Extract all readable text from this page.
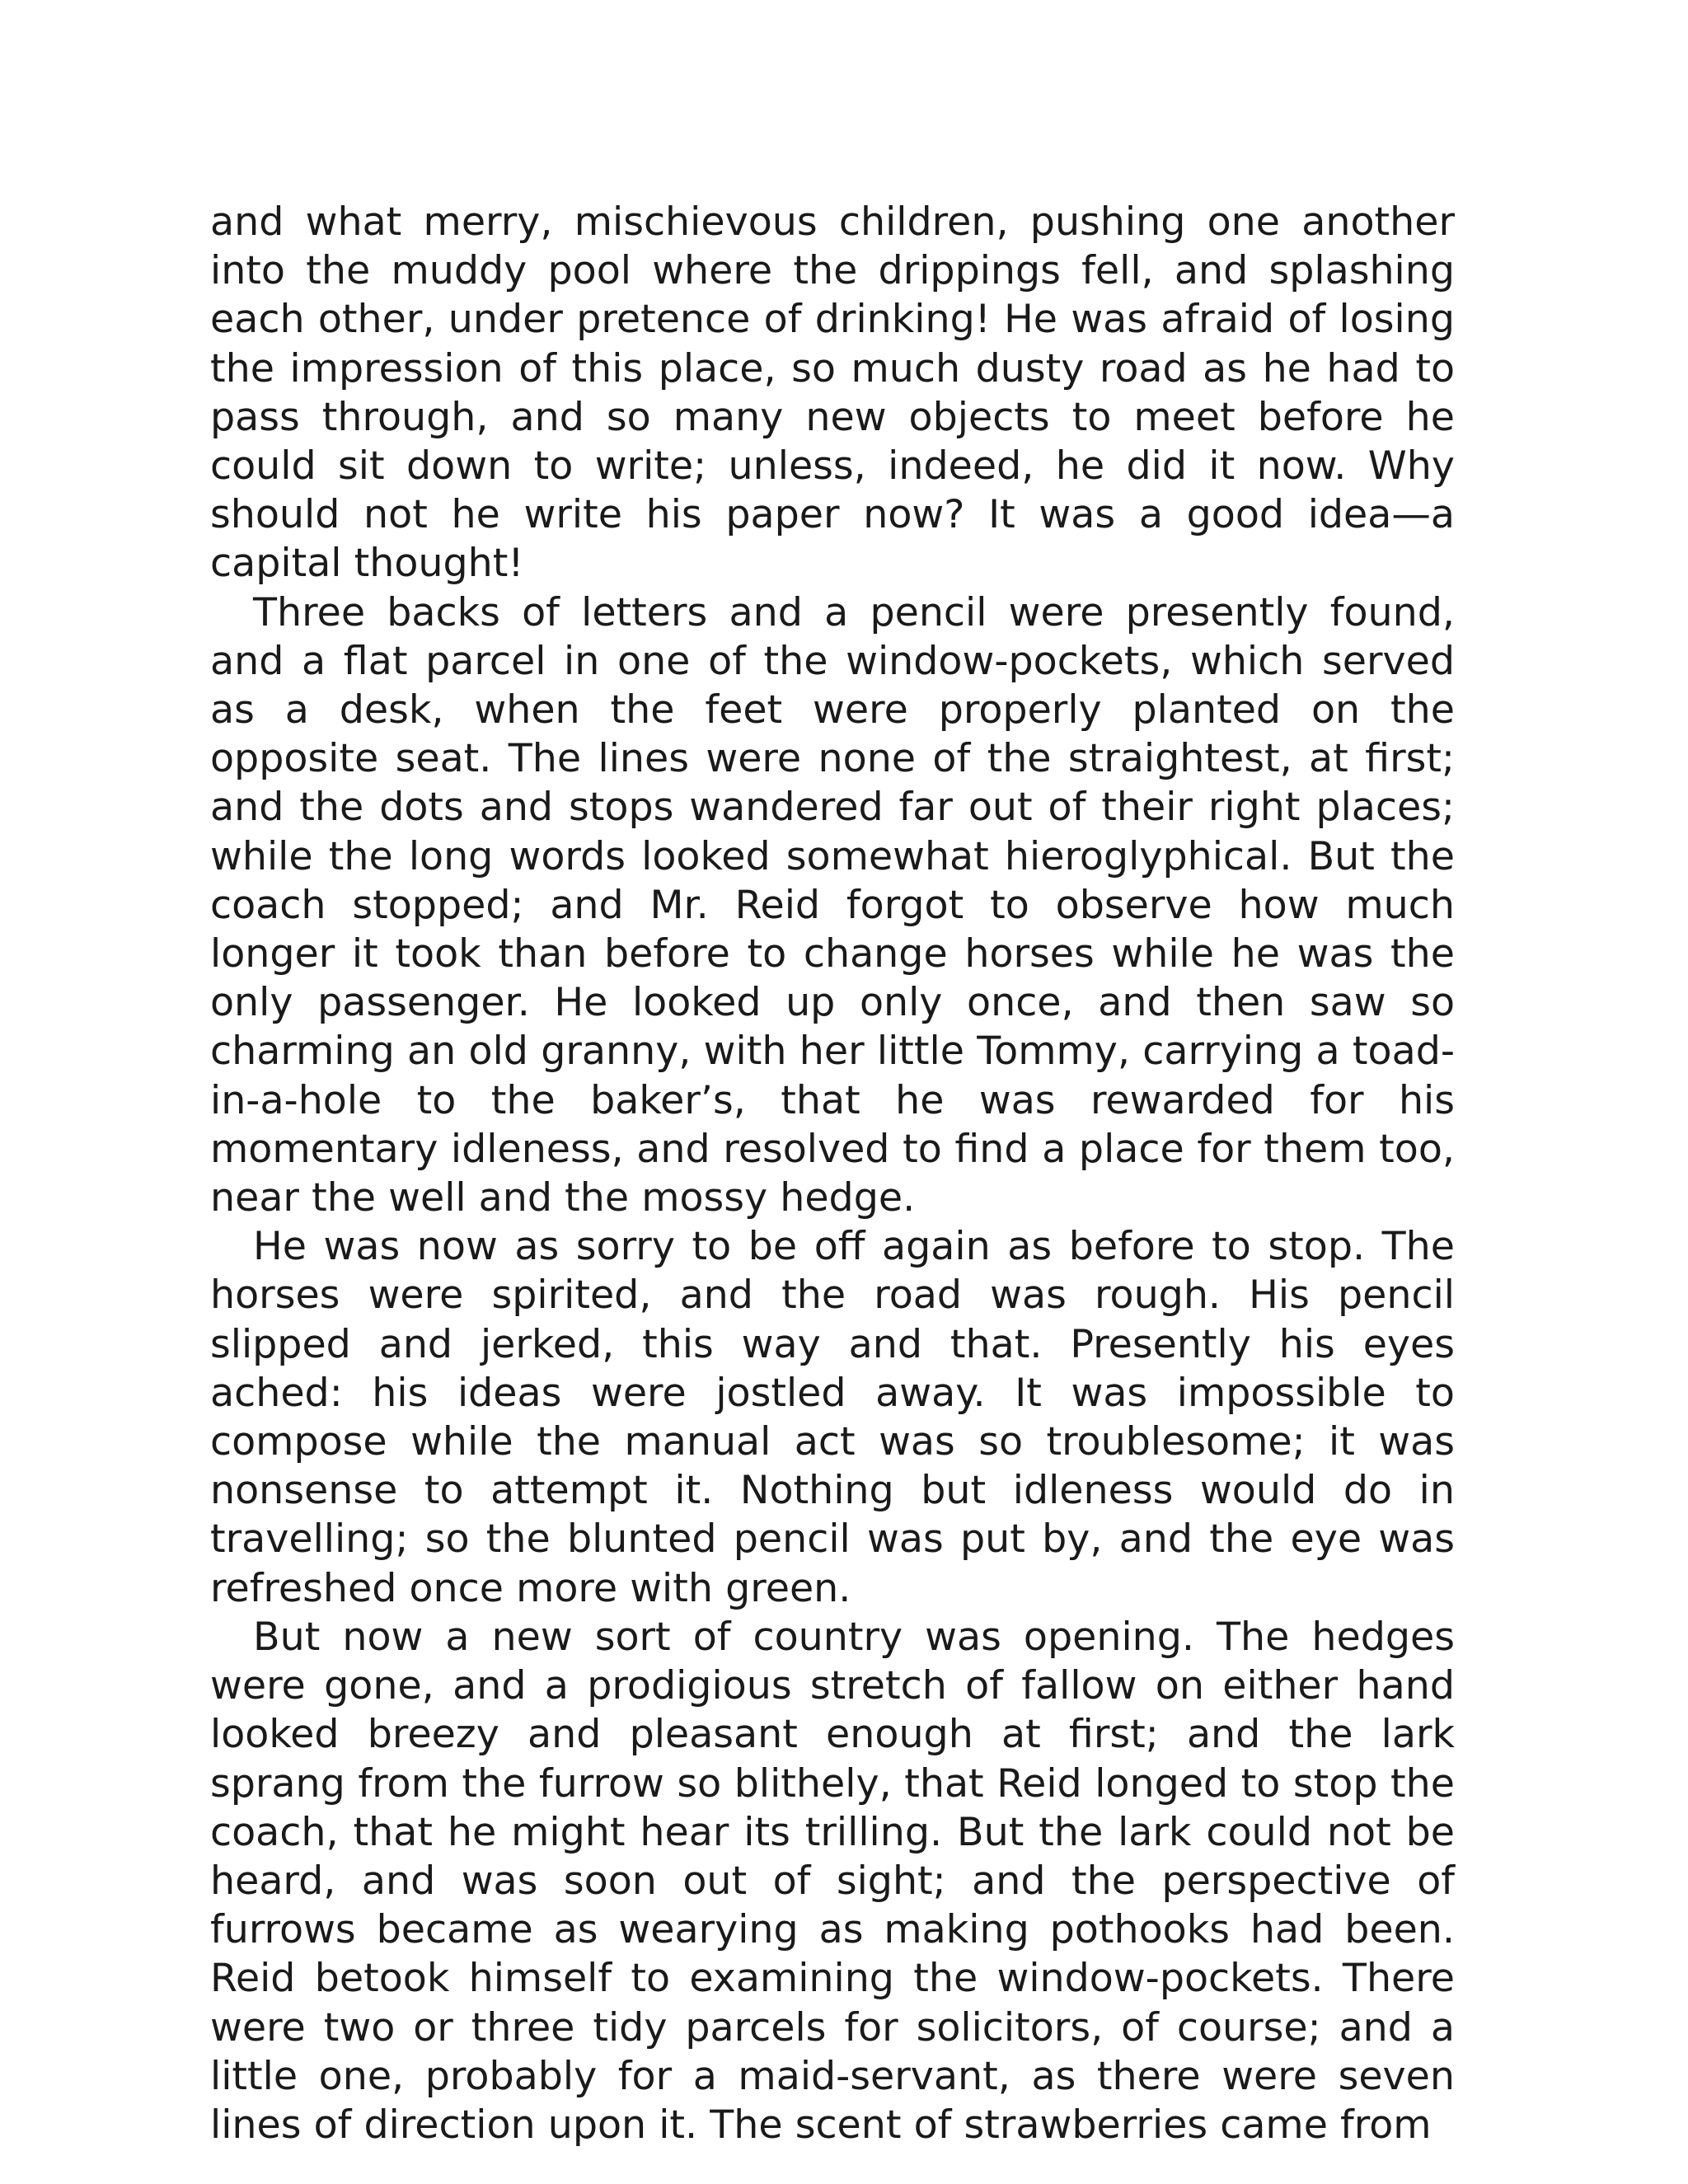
and what merry, mischievous children, pushing one another into the muddy pool where the drippings fell, and splashing each other, under pretence of drinking! He was afraid of losing the impression of this place, so much dusty road as he had to pass through, and so many new objects to meet before he could sit down to write; unless, indeed, he did it now. Why should not he write his paper now? It was a good idea—a capital thought!

Three backs of letters and a pencil were presently found, and a flat parcel in one of the window-pockets, which served as a desk, when the feet were properly planted on the opposite seat. The lines were none of the straightest, at first; and the dots and stops wandered far out of their right places; while the long words looked somewhat hieroglyphical. But the coach stopped; and Mr. Reid forgot to observe how much longer it took than before to change horses while he was the only passenger. He looked up only once, and then saw so charming an old granny, with her little Tommy, carrying a toad-in-a-hole to the baker’s, that he was rewarded for his momentary idleness, and resolved to find a place for them too, near the well and the mossy hedge.

He was now as sorry to be off again as before to stop. The horses were spirited, and the road was rough. His pencil slipped and jerked, this way and that. Presently his eyes ached: his ideas were jostled away. It was impossible to compose while the manual act was so troublesome; it was nonsense to attempt it. Nothing but idleness would do in travelling; so the blunted pencil was put by, and the eye was refreshed once more with green.

But now a new sort of country was opening. The hedges were gone, and a prodigious stretch of fallow on either hand looked breezy and pleasant enough at first; and the lark sprang from the furrow so blithely, that Reid longed to stop the coach, that he might hear its trilling. But the lark could not be heard, and was soon out of sight; and the perspective of furrows became as wearying as making pothooks had been. Reid betook himself to examining the window-pockets. There were two or three tidy parcels for solicitors, of course; and a little one, probably for a maid-servant, as there were seven lines of direction upon it. The scent of strawberries came from
